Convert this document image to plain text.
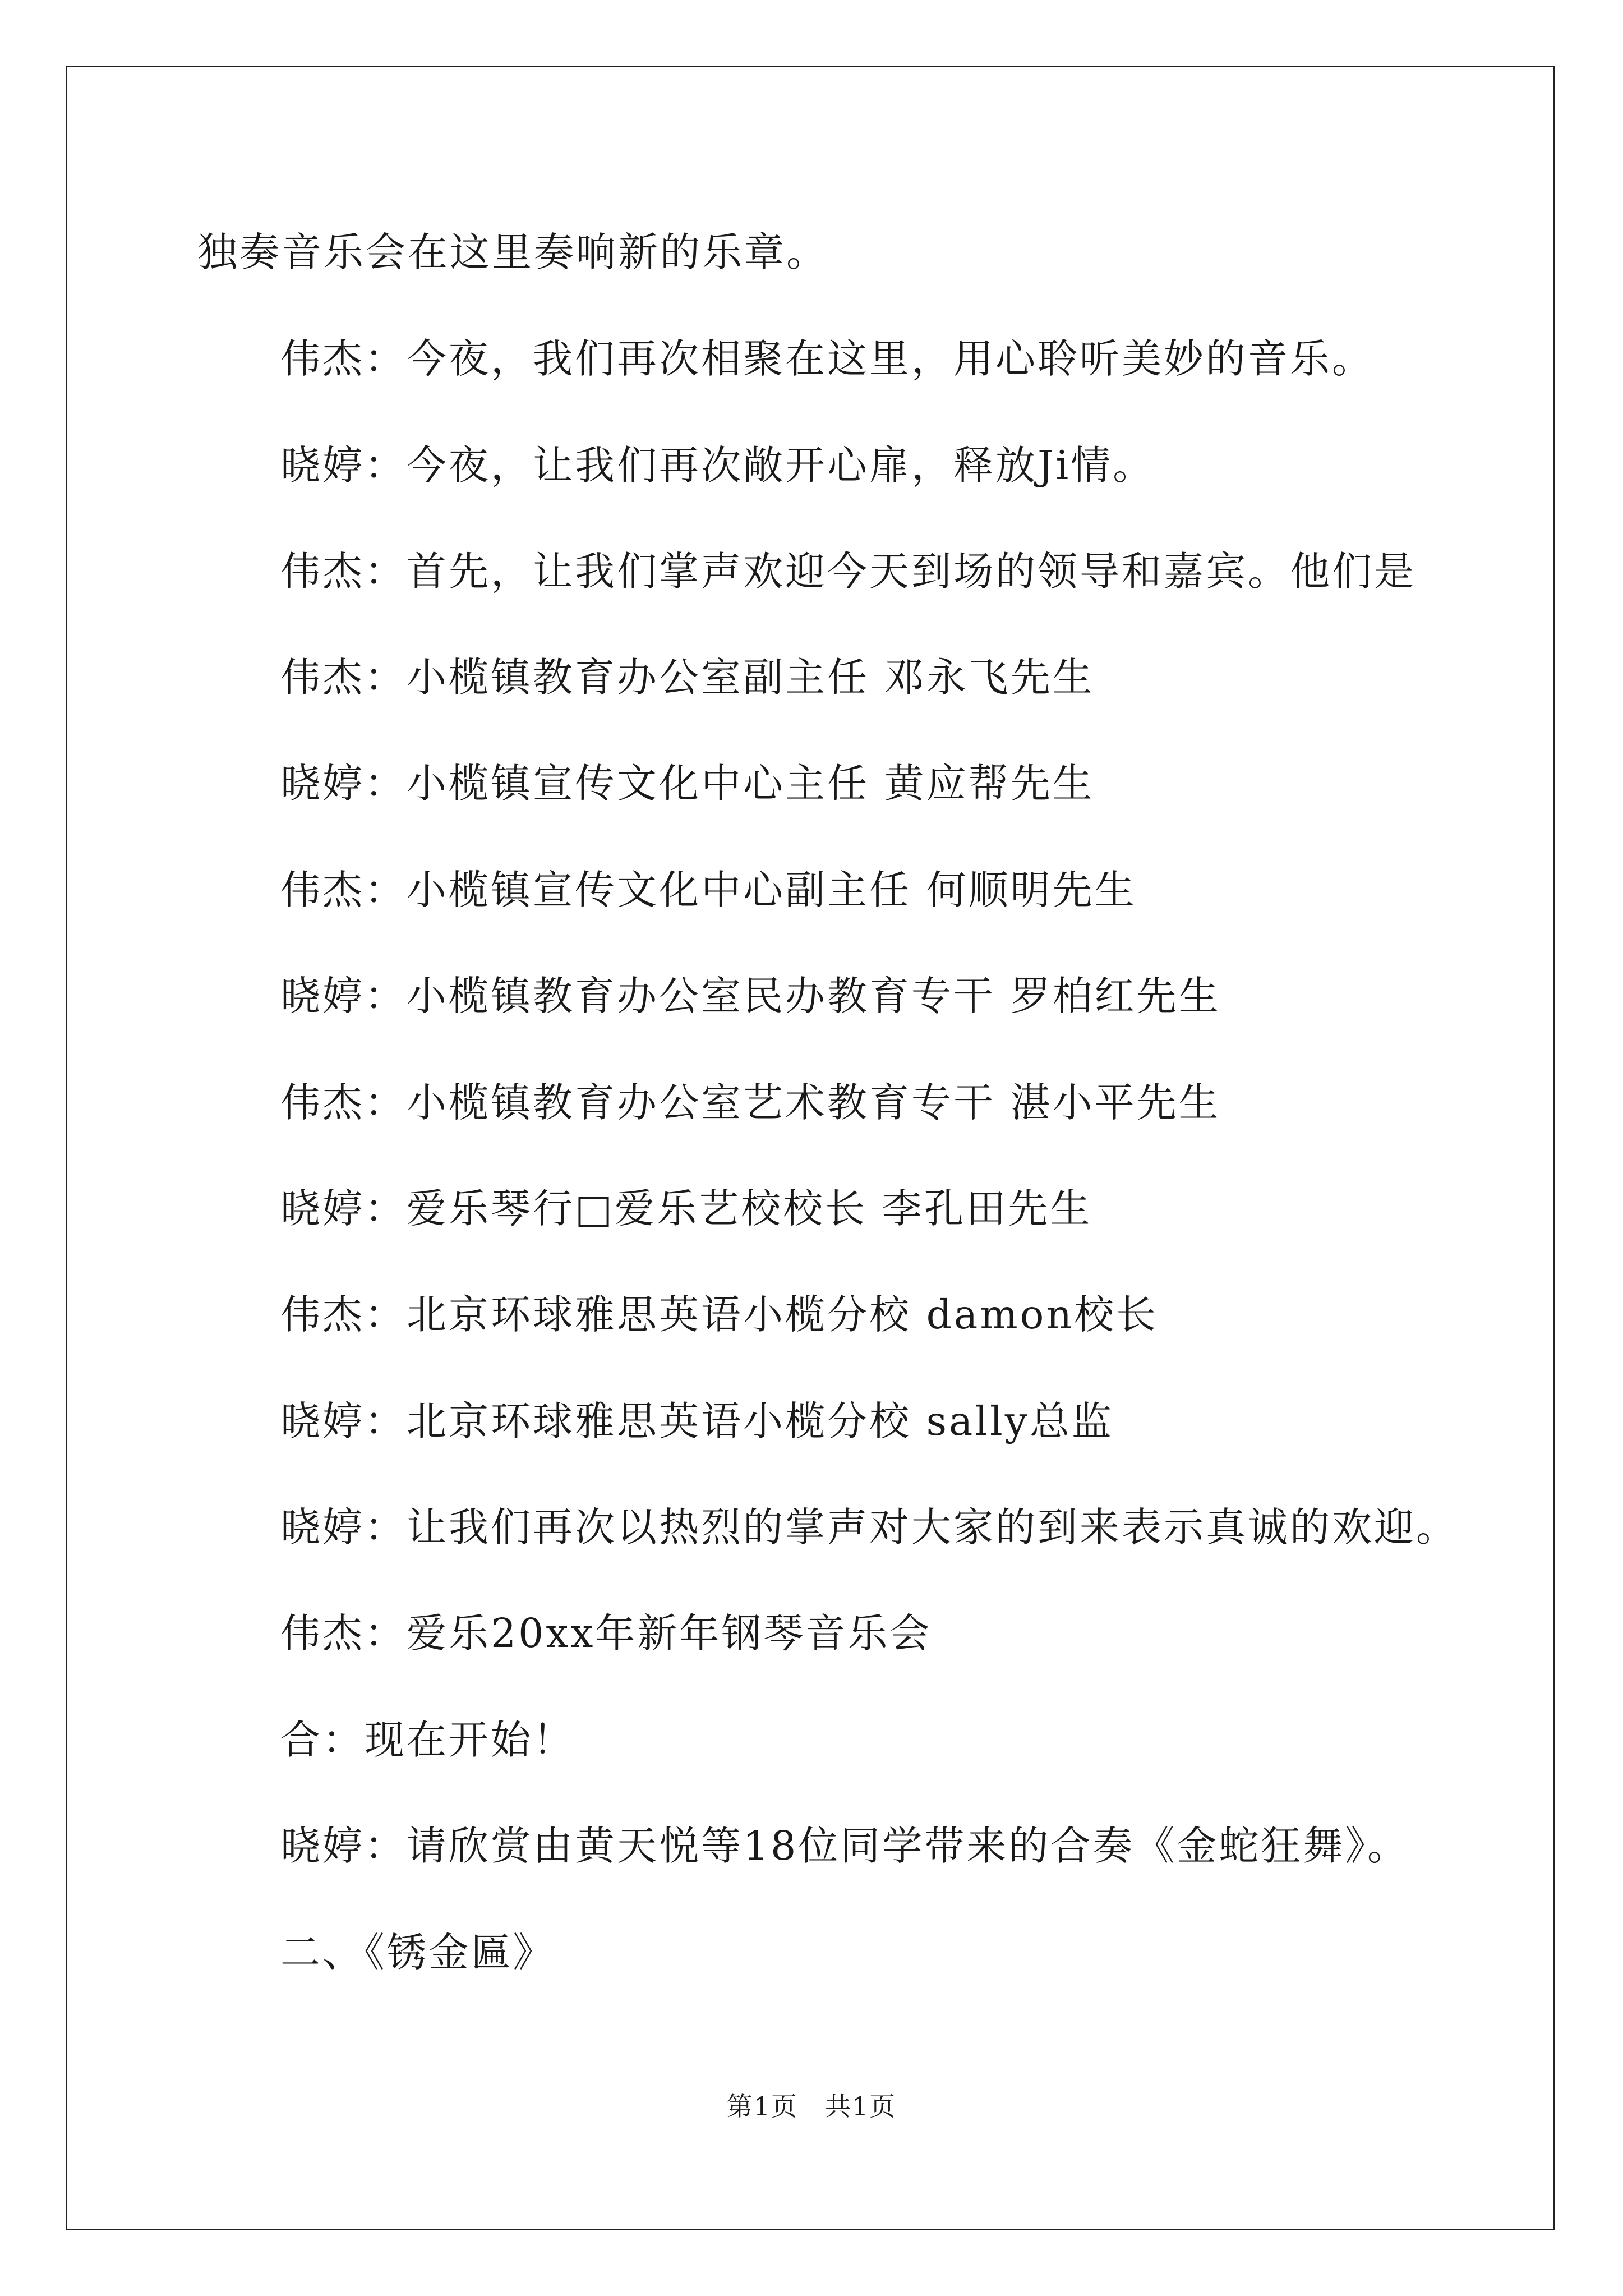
独奏音乐会在这里奏响新的乐章。
伟杰：今夜，我们再次相聚在这里，用心聆听美妙的音乐。
晓婷：今夜，让我们再次敞开心扉，释放Ji情。
伟杰：首先，让我们掌声欢迎今天到场的领导和嘉宾。他们是
伟杰：小榄镇教育办公室副主任 邓永飞先生
晓婷：小榄镇宣传文化中心主任 黄应帮先生
伟杰：小榄镇宣传文化中心副主任 何顺明先生
晓婷：小榄镇教育办公室民办教育专干 罗柏红先生
伟杰：小榄镇教育办公室艺术教育专干 湛小平先生
晓婷：爱乐琴行□爱乐艺校校长 李孔田先生
伟杰：北京环球雅思英语小榄分校 damon校长
晓婷：北京环球雅思英语小榄分校 sally总监
晓婷：让我们再次以热烈的掌声对大家的到来表示真诚的欢迎。
伟杰：爱乐20xx年新年钢琴音乐会
合：现在开始！
晓婷：请欣赏由黄天悦等18位同学带来的合奏《金蛇狂舞》。
二、《锈金匾》
第1页　共1页
